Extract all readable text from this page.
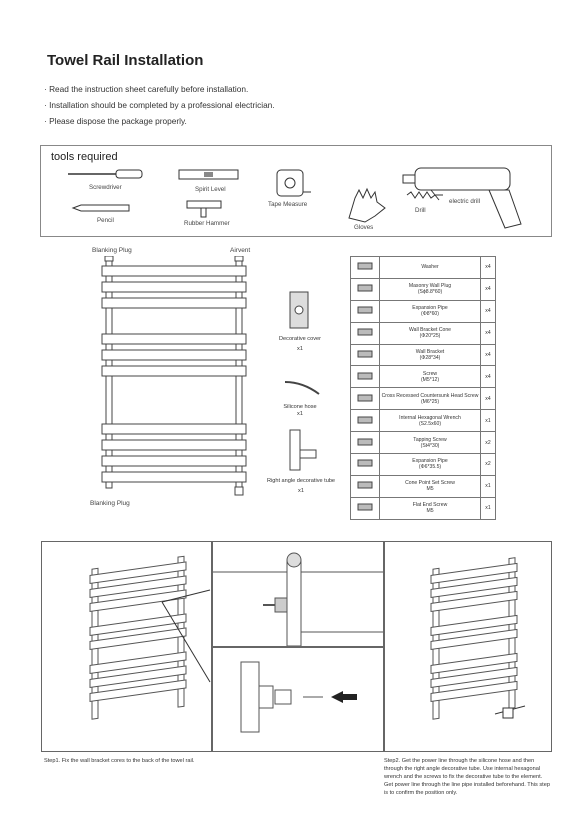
Towel Rail Installation
· Read the instruction sheet carefully before installation.
· Installation should be completed by a professional electrician.
· Please dispose the package properly.
tools required
Screwdriver	Spirit Level
Tape Measure	electric drill
Pencil	Rubber Hammer
Gloves
Drill
Blanking Plug	Airvent
Blanking Plug
Decorative cover
x1
Silicone hose
x1
Right angle decorative tube
x1

Washer	x4

Masonry Wall Plug
(Sϕ8.8*60)	x4

Expansion Pipe
(Φ8*60)	x4

Wall Bracket Cone
(Φ20*25)	x4

Wall Bracket
(Φ28*34)	x4

Screw
(M5*12)	x4

Cross Recessed Countersunk Head Screw
(M6*25)	x4

Internal Hexagonal Wrench
(S2.5x60)	x1

Tapping Screw
(St4*30)	x2

Expansion Pipe
(Φ6*35.5)	x2

Cone Point Set Screw
M5	x1

Flat End Screw
M5	x1
Step1. Fix the wall bracket cores to the back of the towel rail.	Step2. Get the power line through the silicone hose and then through the right angle decorative tube. Use internal hexagonal wrench and the screws to fix the decorative tube to the element. Get power line through the line pipe installed beforehand. This step is to confirm the position only.
